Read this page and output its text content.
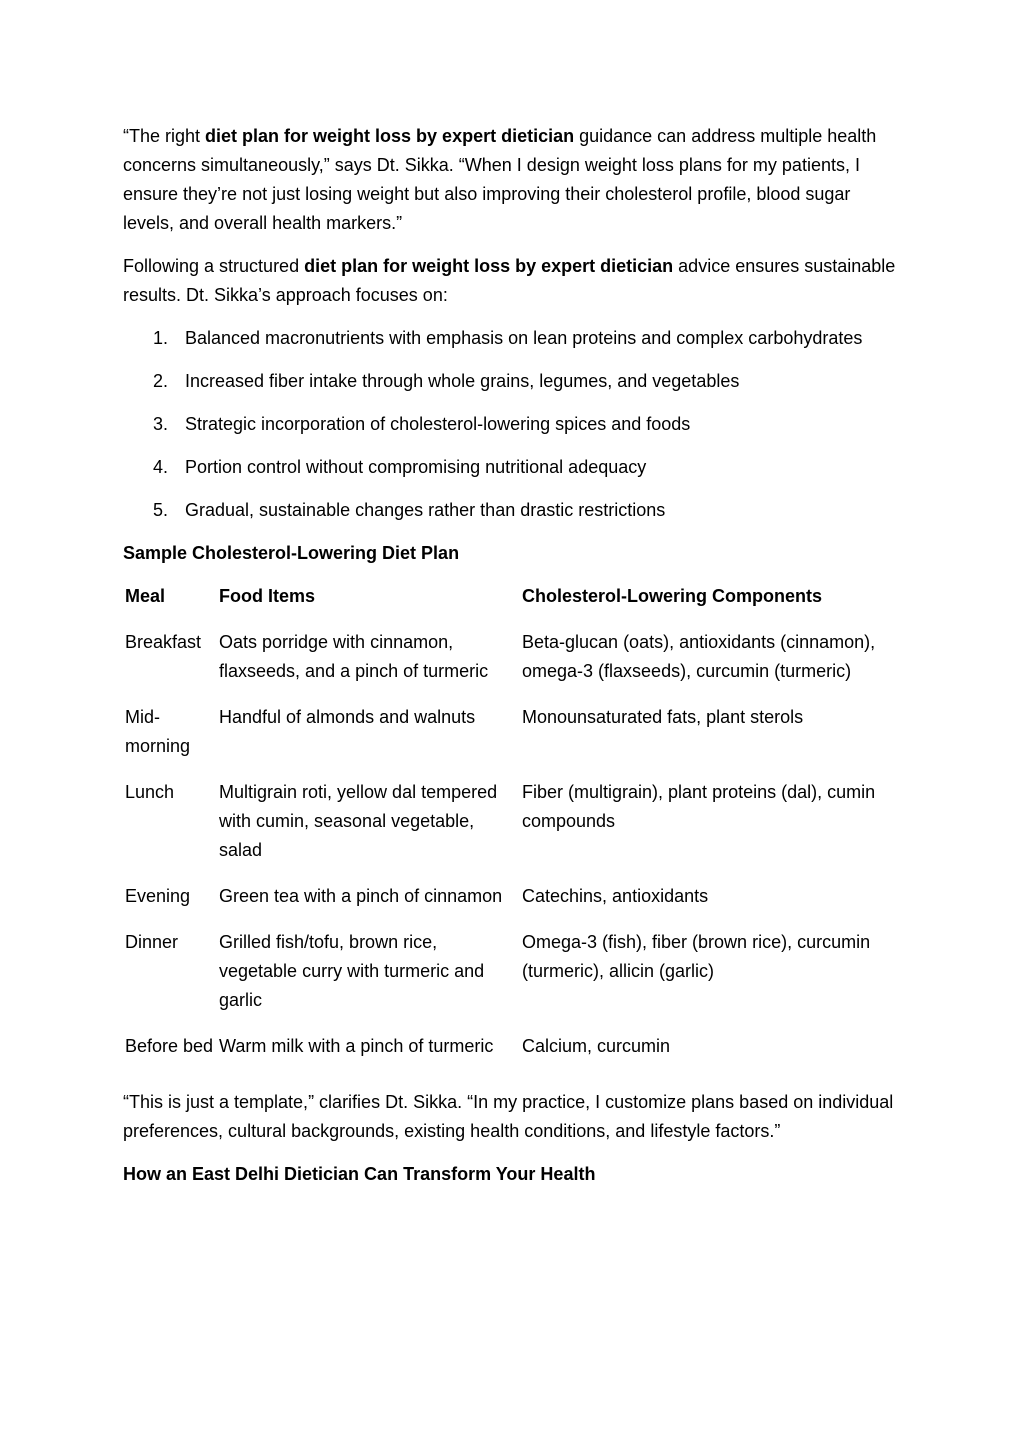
“The right diet plan for weight loss by expert dietician guidance can address multiple health concerns simultaneously,” says Dt. Sikka. “When I design weight loss plans for my patients, I ensure they’re not just losing weight but also improving their cholesterol profile, blood sugar levels, and overall health markers.”

Following a structured diet plan for weight loss by expert dietician advice ensures sustainable results. Dt. Sikka’s approach focuses on:

1. Balanced macronutrients with emphasis on lean proteins and complex carbohydrates
2. Increased fiber intake through whole grains, legumes, and vegetables
3. Strategic incorporation of cholesterol-lowering spices and foods
4. Portion control without compromising nutritional adequacy
5. Gradual, sustainable changes rather than drastic restrictions
Sample Cholesterol-Lowering Diet Plan
Meal	Food Items	Cholesterol-Lowering Components
Breakfast	Oats porridge with cinnamon, flaxseeds, and a pinch of turmeric	Beta-glucan (oats), antioxidants (cinnamon), omega-3 (flaxseeds), curcumin (turmeric)
Mid-morning	Handful of almonds and walnuts	Monounsaturated fats, plant sterols
Lunch	Multigrain roti, yellow dal tempered with cumin, seasonal vegetable, salad	Fiber (multigrain), plant proteins (dal), cumin compounds
Evening	Green tea with a pinch of cinnamon	Catechins, antioxidants
Dinner	Grilled fish/tofu, brown rice, vegetable curry with turmeric and garlic	Omega-3 (fish), fiber (brown rice), curcumin (turmeric), allicin (garlic)
Before bed	Warm milk with a pinch of turmeric	Calcium, curcumin

“This is just a template,” clarifies Dt. Sikka. “In my practice, I customize plans based on individual preferences, cultural backgrounds, existing health conditions, and lifestyle factors.”

How an East Delhi Dietician Can Transform Your Health
